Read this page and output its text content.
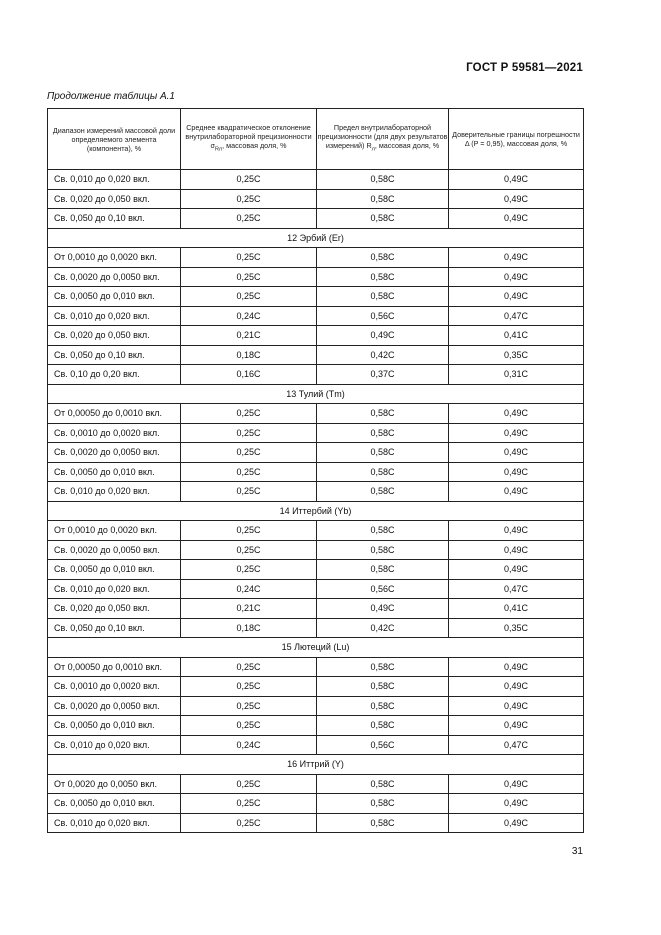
ГОСТ Р 59581—2021
Продолжение таблицы А.1
Диапазон измерений массовой доли определяемого элемента (компонента), %	Среднее квадратическое отклонение внутрилабораторной прецизионности $\sigma_{Rл}$, массовая доля, %	Предел внутрилабораторной прецизионности (для двух результатов измерений) $R_л$, массовая доля, %	Доверительные границы погрешности Δ (P = 0,95), массовая доля, %
Св. 0,010 до 0,020 вкл.	0,25C	0,58C	0,49C
Св. 0,020 до 0,050 вкл.	0,25C	0,58C	0,49C
Св. 0,050 до 0,10 вкл.	0,25C	0,58C	0,49C
12 Эрбий (Er)			
От 0,0010 до 0,0020 вкл.	0,25C	0,58C	0,49C
Св. 0,0020 до 0,0050 вкл.	0,25C	0,58C	0,49C
Св. 0,0050 до 0,010 вкл.	0,25C	0,58C	0,49C
Св. 0,010 до 0,020 вкл.	0,24C	0,56C	0,47C
Св. 0,020 до 0,050 вкл.	0,21C	0,49C	0,41C
Св. 0,050 до 0,10 вкл.	0,18C	0,42C	0,35C
Св. 0,10 до 0,20 вкл.	0,16C	0,37C	0,31C
13 Тулий (Tm)			
От 0,00050 до 0,0010 вкл.	0,25C	0,58C	0,49C
Св. 0,0010 до 0,0020 вкл.	0,25C	0,58C	0,49C
Св. 0,0020 до 0,0050 вкл.	0,25C	0,58C	0,49C
Св. 0,0050 до 0,010 вкл.	0,25C	0,58C	0,49C
Св. 0,010 до 0,020 вкл.	0,25C	0,58C	0,49C
14 Иттербий (Yb)			
От 0,0010 до 0,0020 вкл.	0,25C	0,58C	0,49C
Св. 0,0020 до 0,0050 вкл.	0,25C	0,58C	0,49C
Св. 0,0050 до 0,010 вкл.	0,25C	0,58C	0,49C
Св. 0,010 до 0,020 вкл.	0,24C	0,56C	0,47C
Св. 0,020 до 0,050 вкл.	0,21C	0,49C	0,41C
Св. 0,050 до 0,10 вкл.	0,18C	0,42C	0,35C
15 Лютеций (Lu)			
От 0,00050 до 0,0010 вкл.	0,25C	0,58C	0,49C
Св. 0,0010 до 0,0020 вкл.	0,25C	0,58C	0,49C
Св. 0,0020 до 0,0050 вкл.	0,25C	0,58C	0,49C
Св. 0,0050 до 0,010 вкл.	0,25C	0,58C	0,49C
Св. 0,010 до 0,020 вкл.	0,24C	0,56C	0,47C
16 Иттрий (Y)			
От 0,0020 до 0,0050 вкл.	0,25C	0,58C	0,49C
Св. 0,0050 до 0,010 вкл.	0,25C	0,58C	0,49C
Св. 0,010 до 0,020 вкл.	0,25C	0,58C	0,49C
31
